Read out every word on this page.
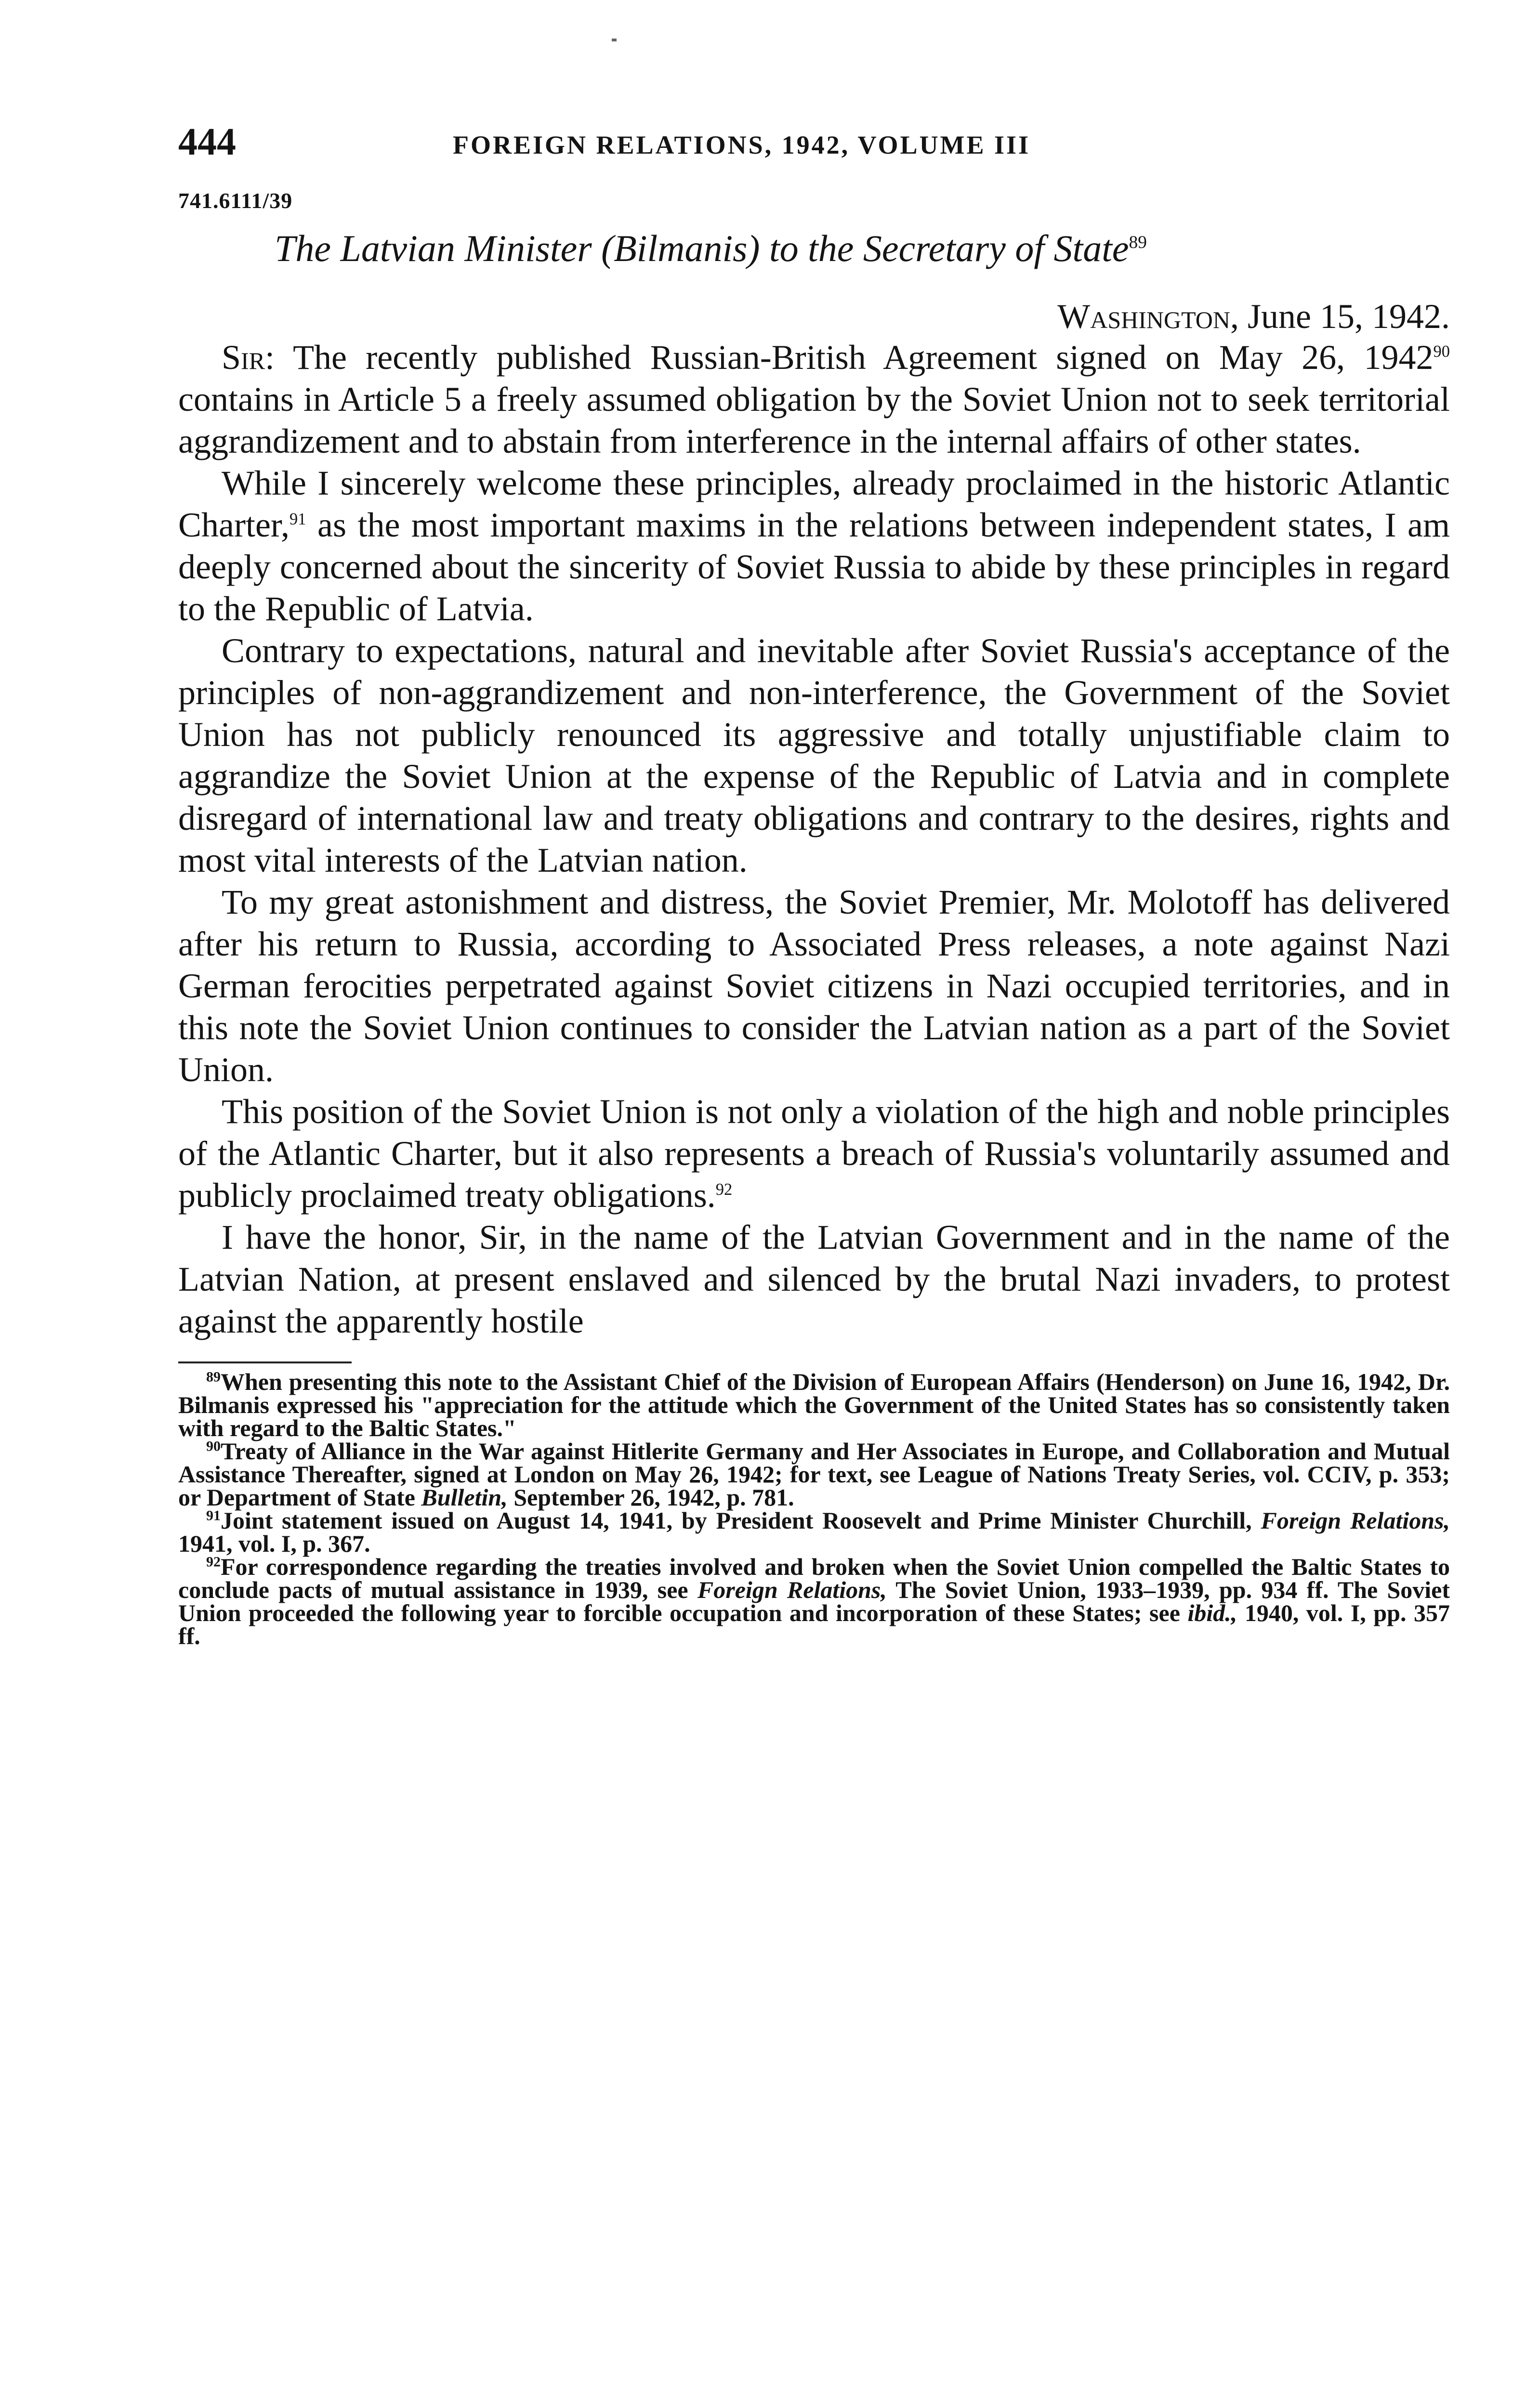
444	FOREIGN RELATIONS, 1942, VOLUME III
741.6111/39
The Latvian Minister (Bilmanis) to the Secretary of State$^{89}$
Washington, June 15, 1942.

Sir: The recently published Russian-British Agreement signed on May 26, 1942$^{90}$ contains in Article 5 a freely assumed obligation by the Soviet Union not to seek territorial aggrandizement and to abstain from interference in the internal affairs of other states.

While I sincerely welcome these principles, already proclaimed in the historic Atlantic Charter,$^{91}$ as the most important maxims in the relations between independent states, I am deeply concerned about the sincerity of Soviet Russia to abide by these principles in regard to the Republic of Latvia.

Contrary to expectations, natural and inevitable after Soviet Russia's acceptance of the principles of non-aggrandizement and non-interference, the Government of the Soviet Union has not publicly renounced its aggressive and totally unjustifiable claim to aggrandize the Soviet Union at the expense of the Republic of Latvia and in complete disregard of international law and treaty obligations and contrary to the desires, rights and most vital interests of the Latvian nation.

To my great astonishment and distress, the Soviet Premier, Mr. Molotoff has delivered after his return to Russia, according to Associated Press releases, a note against Nazi German ferocities perpetrated against Soviet citizens in Nazi occupied territories, and in this note the Soviet Union continues to consider the Latvian nation as a part of the Soviet Union.

This position of the Soviet Union is not only a violation of the high and noble principles of the Atlantic Charter, but it also represents a breach of Russia's voluntarily assumed and publicly proclaimed treaty obligations.$^{92}$

I have the honor, Sir, in the name of the Latvian Government and in the name of the Latvian Nation, at present enslaved and silenced by the brutal Nazi invaders, to protest against the apparently hostile

$^{89}$When presenting this note to the Assistant Chief of the Division of European Affairs (Henderson) on June 16, 1942, Dr. Bilmanis expressed his "appreciation for the attitude which the Government of the United States has so consistently taken with regard to the Baltic States."

$^{90}$Treaty of Alliance in the War against Hitlerite Germany and Her Associates in Europe, and Collaboration and Mutual Assistance Thereafter, signed at London on May 26, 1942; for text, see League of Nations Treaty Series, vol. CCIV, p. 353; or Department of State Bulletin, September 26, 1942, p. 781.

$^{91}$Joint statement issued on August 14, 1941, by President Roosevelt and Prime Minister Churchill, Foreign Relations, 1941, vol. I, p. 367.

$^{92}$For correspondence regarding the treaties involved and broken when the Soviet Union compelled the Baltic States to conclude pacts of mutual assistance in 1939, see Foreign Relations, The Soviet Union, 1933–1939, pp. 934 ff. The Soviet Union proceeded the following year to forcible occupation and incorporation of these States; see ibid., 1940, vol. I, pp. 357 ff.
